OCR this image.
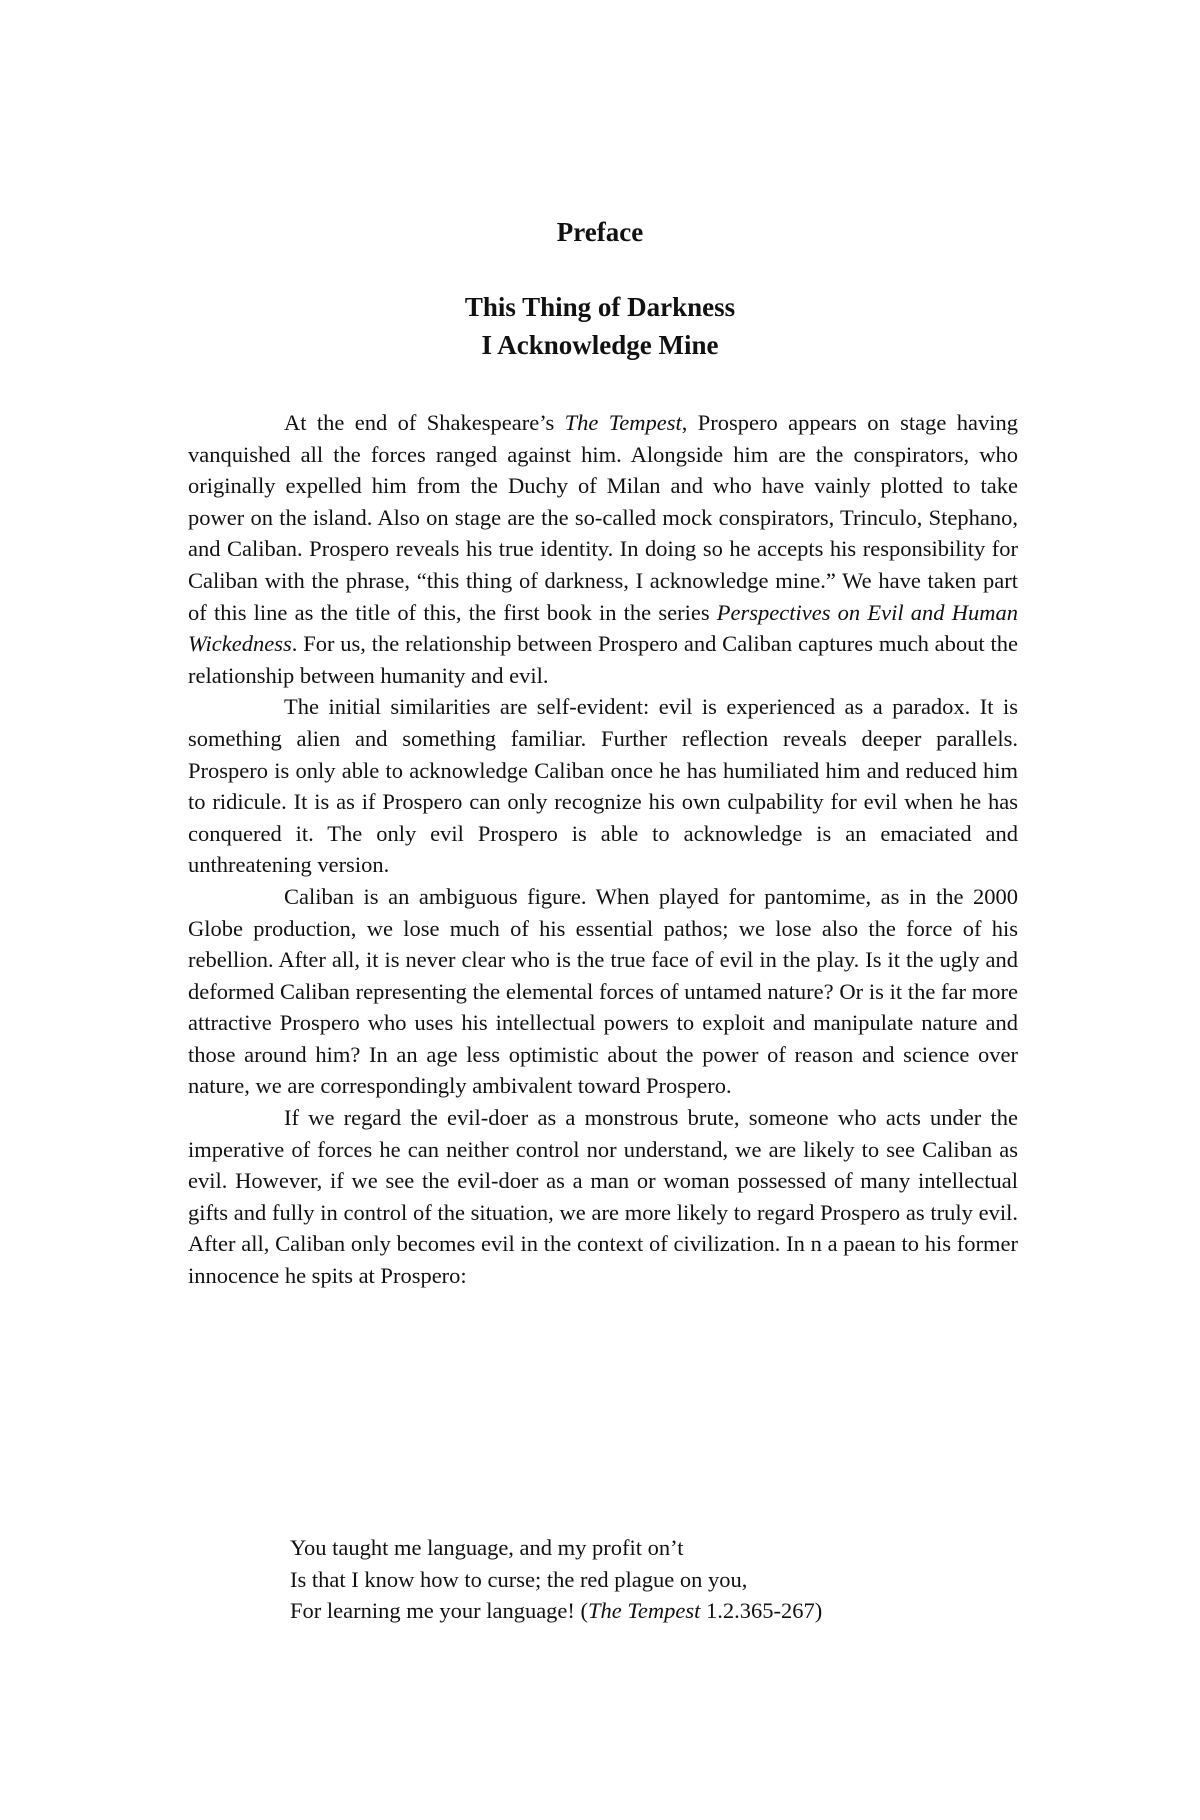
Preface
This Thing of Darkness
I Acknowledge Mine

At the end of Shakespeare’s The Tempest, Prospero appears on stage having vanquished all the forces ranged against him. Alongside him are the conspirators, who originally expelled him from the Duchy of Milan and who have vainly plotted to take power on the island. Also on stage are the so-called mock conspirators, Trinculo, Stephano, and Caliban. Prospero reveals his true identity. In doing so he accepts his responsibility for Caliban with the phrase, “this thing of darkness, I acknowledge mine.” We have taken part of this line as the title of this, the first book in the series Perspectives on Evil and Human Wickedness. For us, the relationship between Prospero and Caliban captures much about the relationship between humanity and evil.

The initial similarities are self-evident: evil is experienced as a paradox. It is something alien and something familiar. Further reflection reveals deeper parallels. Prospero is only able to acknowledge Caliban once he has humiliated him and reduced him to ridicule. It is as if Prospero can only recognize his own culpability for evil when he has conquered it. The only evil Prospero is able to acknowledge is an emaciated and unthreatening version.

Caliban is an ambiguous figure. When played for pantomime, as in the 2000 Globe production, we lose much of his essential pathos; we lose also the force of his rebellion. After all, it is never clear who is the true face of evil in the play. Is it the ugly and deformed Caliban representing the elemental forces of untamed nature? Or is it the far more attractive Prospero who uses his intellectual powers to exploit and manipulate nature and those around him? In an age less optimistic about the power of reason and science over nature, we are correspondingly ambivalent toward Prospero.

If we regard the evil-doer as a monstrous brute, someone who acts under the imperative of forces he can neither control nor understand, we are likely to see Caliban as evil. However, if we see the evil-doer as a man or woman possessed of many intellectual gifts and fully in control of the situation, we are more likely to regard Prospero as truly evil. After all, Caliban only becomes evil in the context of civilization. In n a paean to his former innocence he spits at Prospero:

You taught me language, and my profit on’t
Is that I know how to curse; the red plague on you,
For learning me your language! (The Tempest 1.2.365-267)
